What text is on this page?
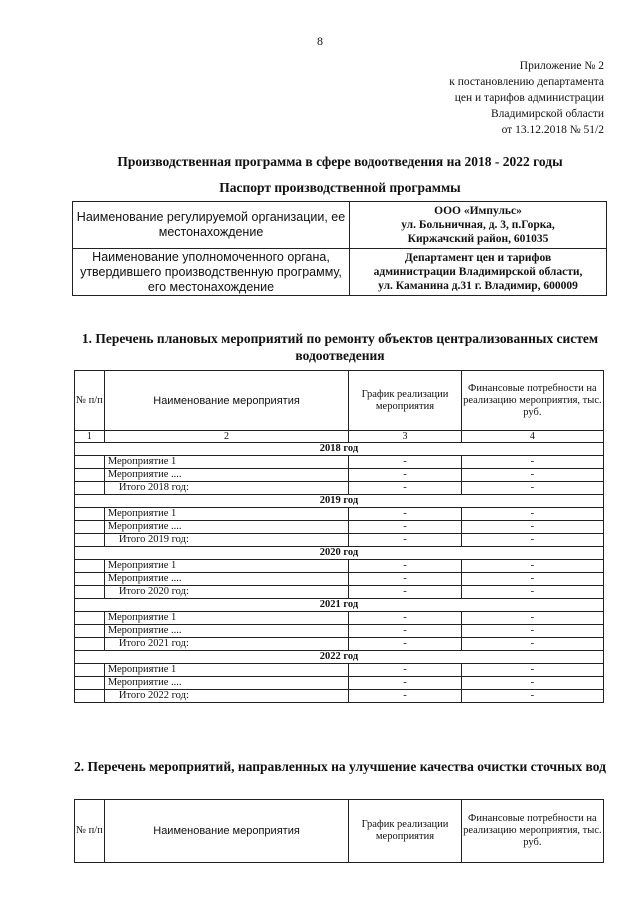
8
Приложение № 2
к постановлению департамента
цен и тарифов администрации
Владимирской области
от 13.12.2018 № 51/2
Производственная программа в сфере водоотведения на 2018 - 2022 годы
Паспорт производственной программы
Наименование регулируемой организации, ее местонахождение	ООО «Импульс»
ул. Больничная, д. 3, п.Горка,
Киржачский район, 601035

Наименование уполномоченного органа, утвердившего производственную программу, его местонахождение	Департамент цен и тарифов
администрации Владимирской области,
ул. Каманина д.31 г. Владимир, 600009
1. Перечень плановых мероприятий по ремонту объектов централизованных систем водоотведения
№ п/п	Наименование мероприятия	График реализации мероприятия	Финансовые потребности на реализацию мероприятия, тыс. руб.
1	2	3	4
2018 год			
	Мероприятие 1	-	-
	Мероприятие ....	-	-
	Итого 2018 год:	-	-
2019 год			
	Мероприятие 1	-	-
	Мероприятие ....	-	-
	Итого 2019 год:	-	-
2020 год			
	Мероприятие 1	-	-
	Мероприятие ....	-	-
	Итого 2020 год:	-	-
2021 год			
	Мероприятие 1	-	-
	Мероприятие ....	-	-
	Итого 2021 год:	-	-
2022 год			
	Мероприятие 1	-	-
	Мероприятие ....	-	-
	Итого 2022 год:	-	-
2. Перечень мероприятий, направленных на улучшение качества очистки сточных вод
№ п/п	Наименование мероприятия	График реализации мероприятия	Финансовые потребности на реализацию мероприятия, тыс. руб.
